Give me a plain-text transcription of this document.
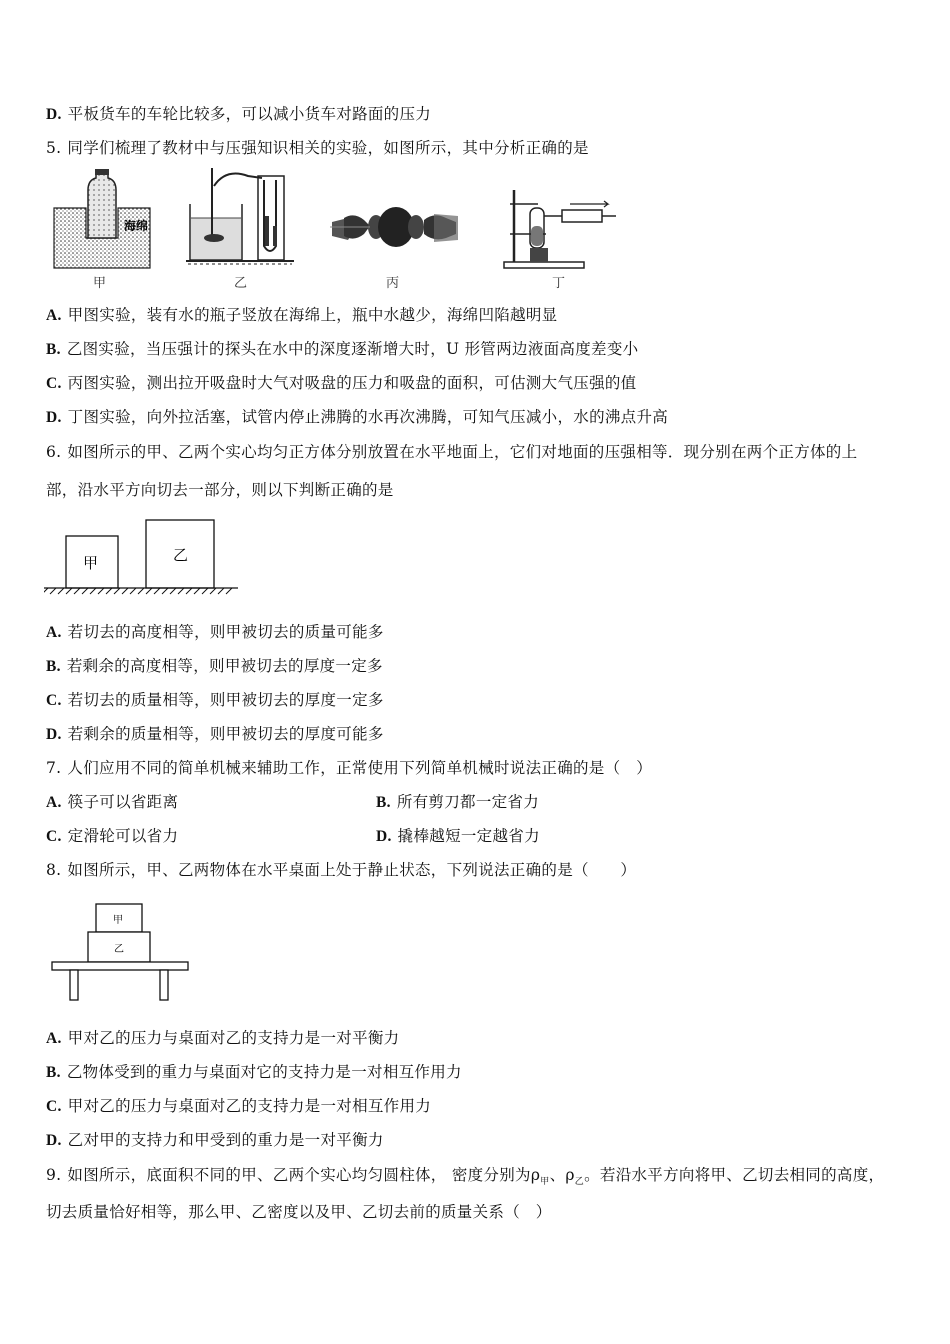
D. 平板货车的车轮比较多，可以减小货车对路面的压力
5. 同学们梳理了教材中与压强知识相关的实验，如图所示，其中分析正确的是
海绵
甲	乙	丙	丁
A. 甲图实验，装有水的瓶子竖放在海绵上，瓶中水越少，海绵凹陷越明显
B. 乙图实验，当压强计的探头在水中的深度逐渐增大时，U 形管两边液面高度差变小
C. 丙图实验，测出拉开吸盘时大气对吸盘的压力和吸盘的面积，可估测大气压强的值
D. 丁图实验，向外拉活塞，试管内停止沸腾的水再次沸腾，可知气压减小，水的沸点升高
6. 如图所示的甲、乙两个实心均匀正方体分别放置在水平地面上，它们对地面的压强相等．现分别在两个正方体的上
部，沿水平方向切去一部分，则以下判断正确的是
甲	乙
A. 若切去的高度相等，则甲被切去的质量可能多
B. 若剩余的高度相等，则甲被切去的厚度一定多
C. 若切去的质量相等，则甲被切去的厚度一定多
D. 若剩余的质量相等，则甲被切去的厚度可能多
7. 人们应用不同的简单机械来辅助工作，正常使用下列简单机械时说法正确的是（　）
A. 筷子可以省距离	B. 所有剪刀都一定省力
C. 定滑轮可以省力	D. 撬棒越短一定越省力
8. 如图所示，甲、乙两物体在水平桌面上处于静止状态，下列说法正确的是（　　）
甲
乙
A. 甲对乙的压力与桌面对乙的支持力是一对平衡力
B. 乙物体受到的重力与桌面对它的支持力是一对相互作用力
C. 甲对乙的压力与桌面对乙的支持力是一对相互作用力
D. 乙对甲的支持力和甲受到的重力是一对平衡力
9. 如图所示，底面积不同的甲、乙两个实心均匀圆柱体， 密度分别为$\rho_甲$、$\rho_乙$。若沿水平方向将甲、乙切去相同的高度，
切去质量恰好相等，那么甲、乙密度以及甲、乙切去前的质量关系（　）
